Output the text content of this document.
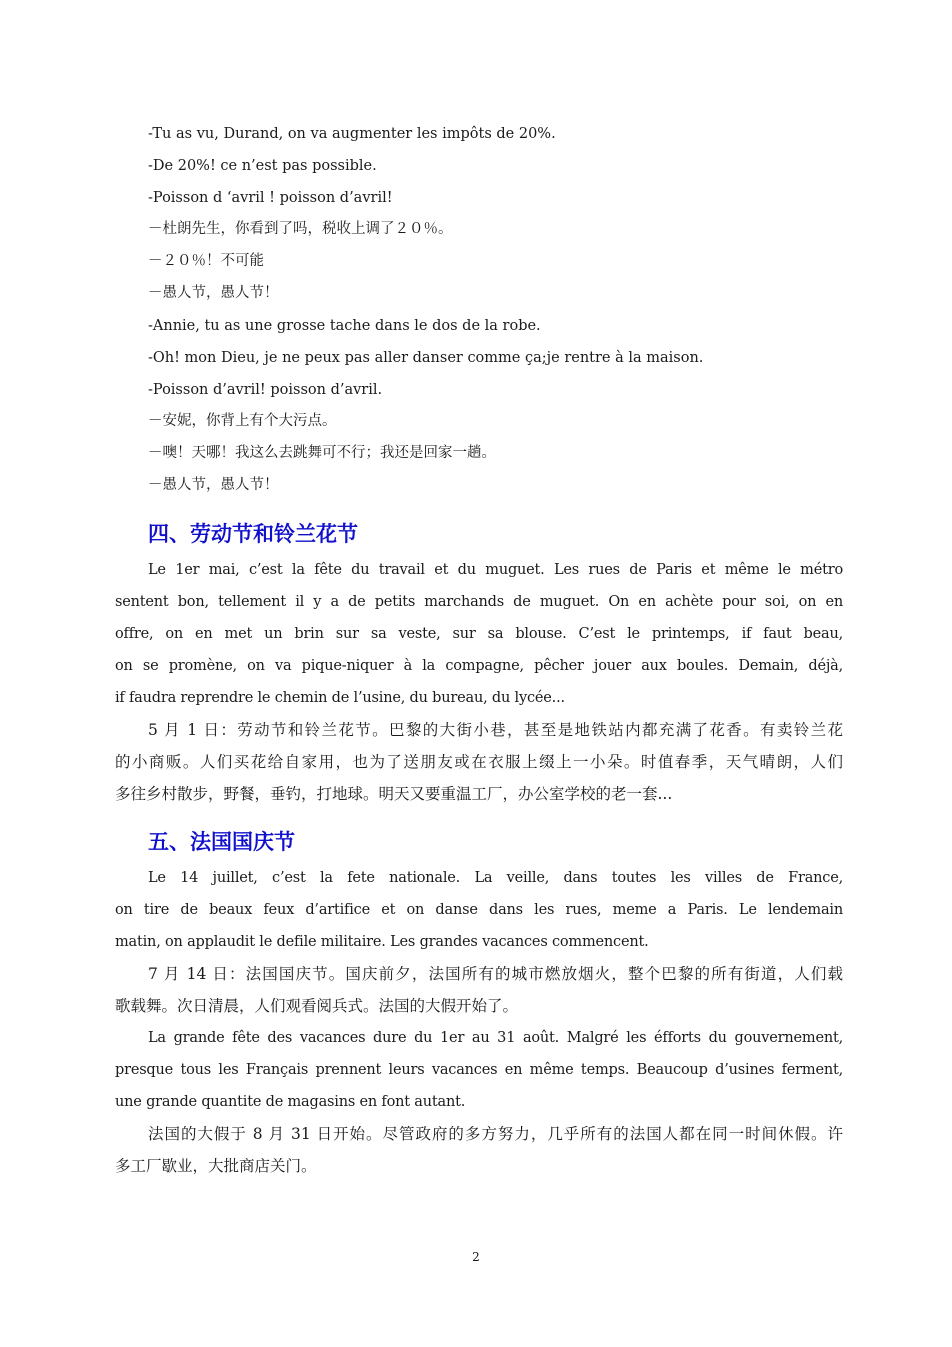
-Tu as vu, Durand, on va augmenter les impôts de 20%.
-De 20%! ce n’est pas possible.
-Poisson d ‘avril ! poisson d’avril!
－杜朗先生，你看到了吗，税收上调了２０％。
－２０％！不可能
－愚人节，愚人节！
-Annie, tu as une grosse tache dans le dos de la robe.
-Oh! mon Dieu, je ne peux pas aller danser comme ça;je rentre à la maison.
-Poisson d’avril! poisson d’avril.
－安妮，你背上有个大污点。
－噢！天哪！我这么去跳舞可不行；我还是回家一趟。
－愚人节，愚人节！
四、劳动节和铃兰花节
Le 1er mai, c’est la fête du travail et du muguet. Les rues de Paris et même le métro
sentent bon, tellement il y a de petits marchands de muguet. On en achète pour soi, on en
offre, on en met un brin sur sa veste, sur sa blouse. C’est le printemps, if faut beau,
on se promène, on va pique-niquer à la compagne, pêcher jouer aux boules. Demain, déjà,
if faudra reprendre le chemin de l’usine, du bureau, du lycée...
5 月 1 日：劳动节和铃兰花节。巴黎的大街小巷，甚至是地铁站内都充满了花香。有卖铃兰花
的小商贩。人们买花给自家用，也为了送朋友或在衣服上缀上一小朵。时值春季，天气晴朗，人们
多往乡村散步，野餐，垂钓，打地球。明天又要重温工厂，办公室学校的老一套...
五、法国国庆节
Le 14 juillet, c’est la fete nationale. La veille, dans toutes les villes de France,
on tire de beaux feux d’artifice et on danse dans les rues, meme a Paris. Le lendemain
matin, on applaudit le defile militaire. Les grandes vacances commencent.
7 月 14 日：法国国庆节。国庆前夕，法国所有的城市燃放烟火，整个巴黎的所有街道，人们载
歌载舞。次日清晨，人们观看阅兵式。法国的大假开始了。
La grande fête des vacances dure du 1er au 31 août. Malgré les éfforts du gouvernement,
presque tous les Français prennent leurs vacances en même temps. Beaucoup d’usines ferment,
une grande quantite de magasins en font autant.
法国的大假于 8 月 31 日开始。尽管政府的多方努力，几乎所有的法国人都在同一时间休假。许
多工厂歇业，大批商店关门。
2
